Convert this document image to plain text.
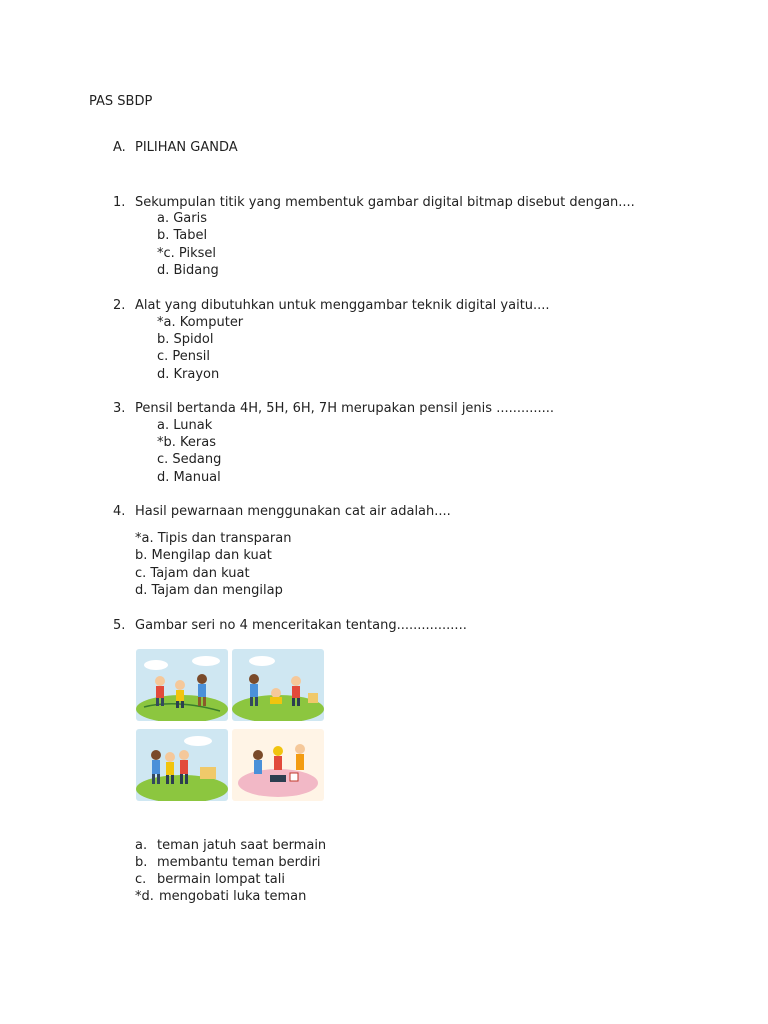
PAS SBDP
A. PILIHAN GANDA
1. Sekumpulan titik yang membentuk gambar digital bitmap disebut dengan....
a. Garis
b. Tabel
*c. Piksel
d. Bidang
2. Alat yang dibutuhkan untuk menggambar teknik digital yaitu....
*a. Komputer
b. Spidol
c. Pensil
d. Krayon
3. Pensil bertanda 4H, 5H, 6H, 7H merupakan pensil jenis ..............
a. Lunak
*b. Keras
c. Sedang
d. Manual
4. Hasil pewarnaan menggunakan cat air adalah....
*a. Tipis dan transparan
b. Mengilap dan kuat
c. Tajam dan kuat
d. Tajam dan mengilap
5. Gambar seri no 4 menceritakan tentang.................
a. teman jatuh saat bermain
b. membantu teman berdiri
c. bermain lompat tali
*d. mengobati luka teman
